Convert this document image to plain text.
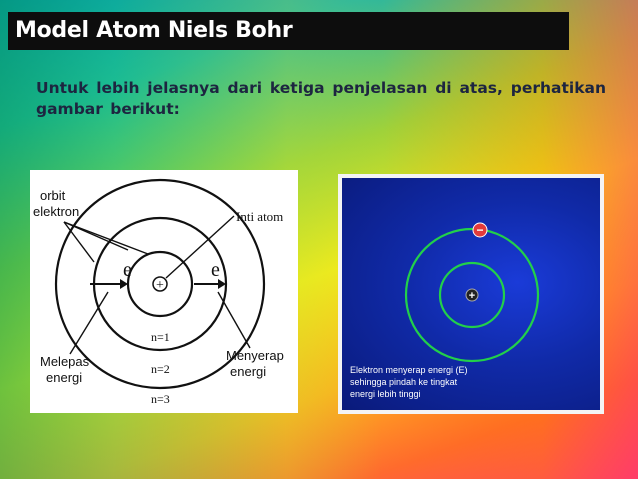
Model Atom Niels Bohr
Untuk lebih jelasnya dari ketiga penjelasan di atas, perhatikan gambar berikut:
+
e	e
n=1
n=2
n=3
orbit
elektron	Inti atom
Melepas
energi
Menyerap
energi
+
−
Elektron menyerap energi (E)
sehingga pindah ke tingkat
energi lebih tinggi
